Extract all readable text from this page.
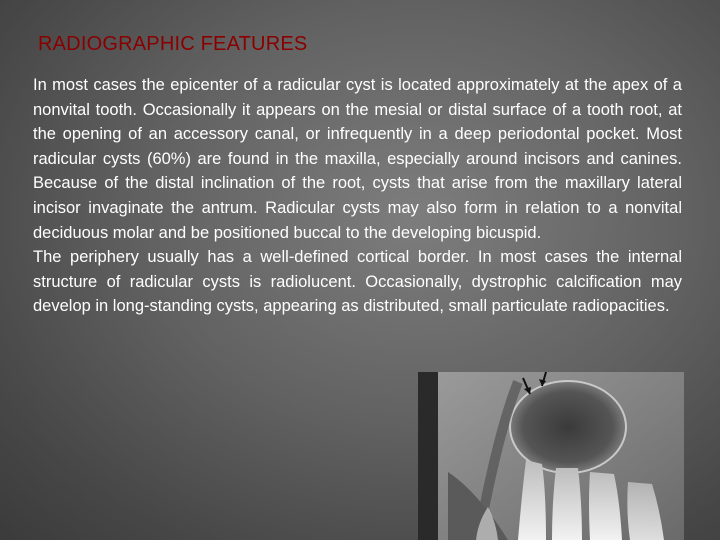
RADIOGRAPHIC FEATURES

In most cases the epicenter of a radicular cyst is located approximately at the apex of a nonvital tooth. Occasionally it appears on the mesial or distal surface of a tooth root, at the opening of an accessory canal, or infrequently in a deep periodontal pocket. Most radicular cysts (60%) are found in the maxilla, especially around incisors and canines. Because of the distal inclination of the root, cysts that arise from the maxillary lateral incisor invaginate the antrum. Radicular cysts may also form in relation to a nonvital deciduous molar and be positioned buccal to the developing bicuspid.

The periphery usually has a well-defined cortical border. In most cases the internal structure of radicular cysts is radiolucent. Occasionally, dystrophic calcification may develop in long-standing cysts, appearing as distributed, small particulate radiopacities.
